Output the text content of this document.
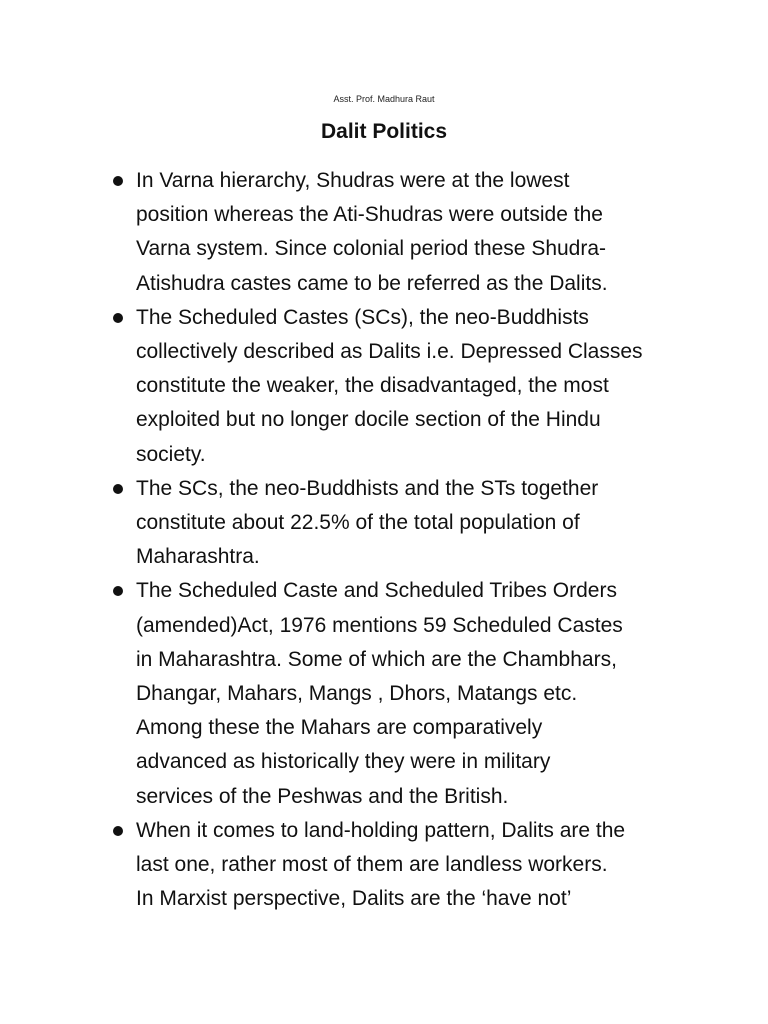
Asst. Prof. Madhura Raut
Dalit Politics
In Varna hierarchy, Shudras were at the lowest
position whereas the Ati-Shudras were outside the
Varna system. Since colonial period these Shudra-
Atishudra castes came to be referred as the Dalits.
The Scheduled Castes (SCs), the neo-Buddhists
collectively described as Dalits i.e. Depressed Classes
constitute the weaker, the disadvantaged, the most
exploited but no longer docile section of the Hindu
society.
The SCs, the neo-Buddhists and the STs together
constitute about 22.5% of the total population of
Maharashtra.
The Scheduled Caste and Scheduled Tribes Orders
(amended)Act, 1976 mentions 59 Scheduled Castes
in Maharashtra. Some of which are the Chambhars,
Dhangar, Mahars, Mangs , Dhors, Matangs etc.
Among these the Mahars are comparatively
advanced as historically they were in military
services of the Peshwas and the British.
When it comes to land-holding pattern, Dalits are the
last one, rather most of them are landless workers.
In Marxist perspective, Dalits are the ‘have not’
